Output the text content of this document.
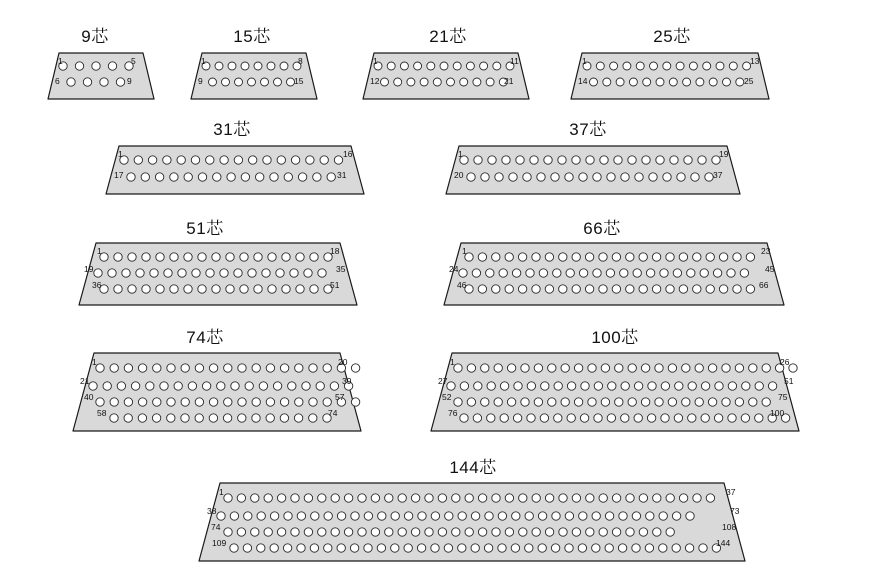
9芯
1	5
6	9
15芯
1	8
9	15
21芯
1	11
12	21
25芯
1	13
14	25
31芯
1	16
17	31
37芯
1	19
20	37
51芯
1	18
19	35
36	51
66芯
1	23
24	45
46	66
74芯
1	20
21	39
40	57
58	74
100芯
1	26
27	51
52	75
76	100
144芯
1	37
38	73
74	108
109	144
